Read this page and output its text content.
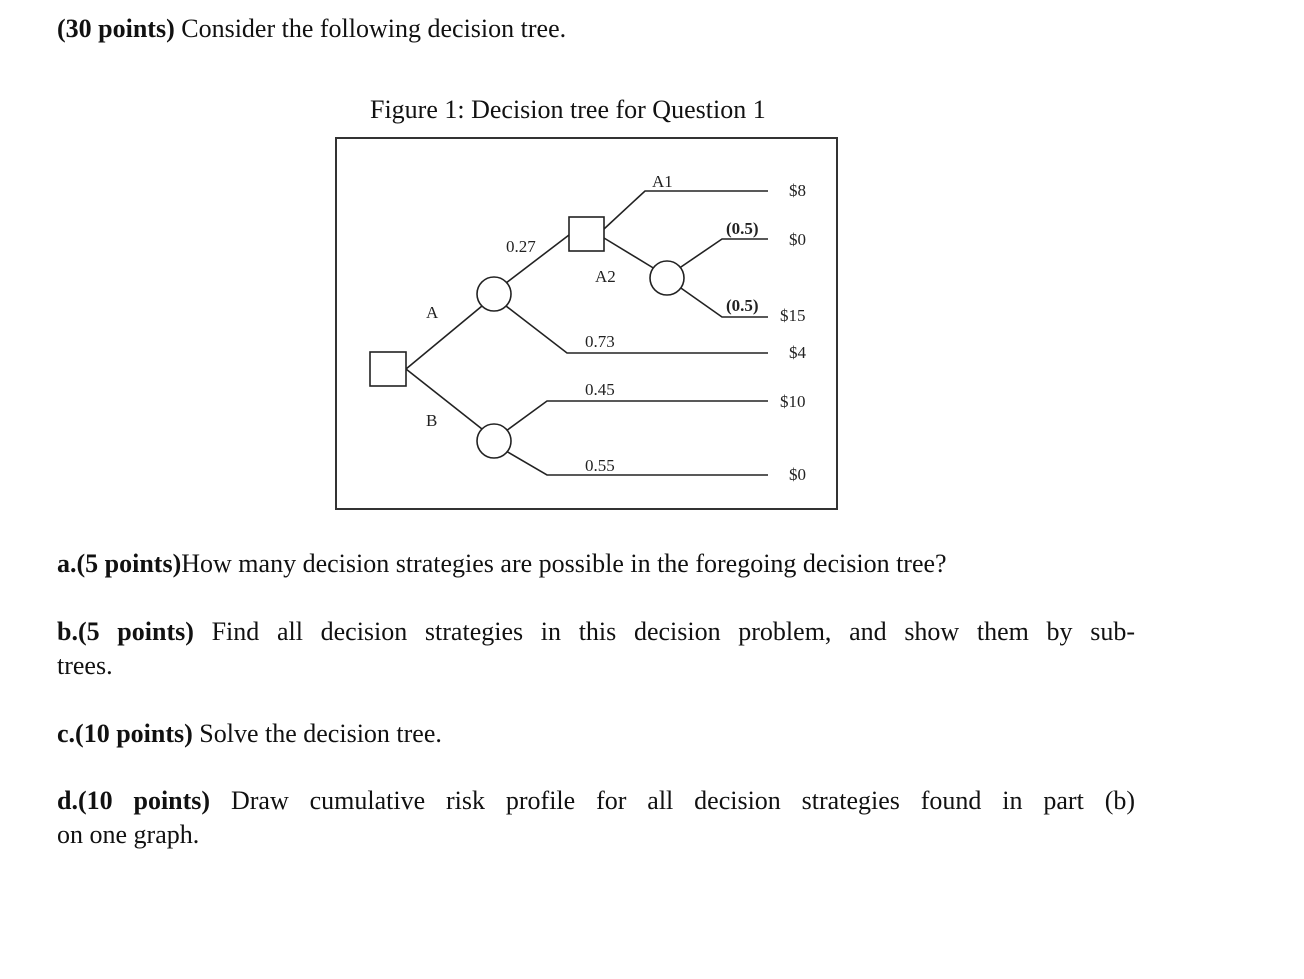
(30 points) Consider the following decision tree.
Figure 1: Decision tree for Question 1
A
B
0.27
0.73
A1
A2
(0.5)
(0.5)
0.45
0.55
$8
$0
$15
$4
$10
$0
a.(5 points)How many decision strategies are possible in the foregoing decision tree?
b.(5 points) Find all decision strategies in this decision problem, and show them by sub-
trees.
c.(10 points) Solve the decision tree.
d.(10 points) Draw cumulative risk profile for all decision strategies found in part (b)
on one graph.
